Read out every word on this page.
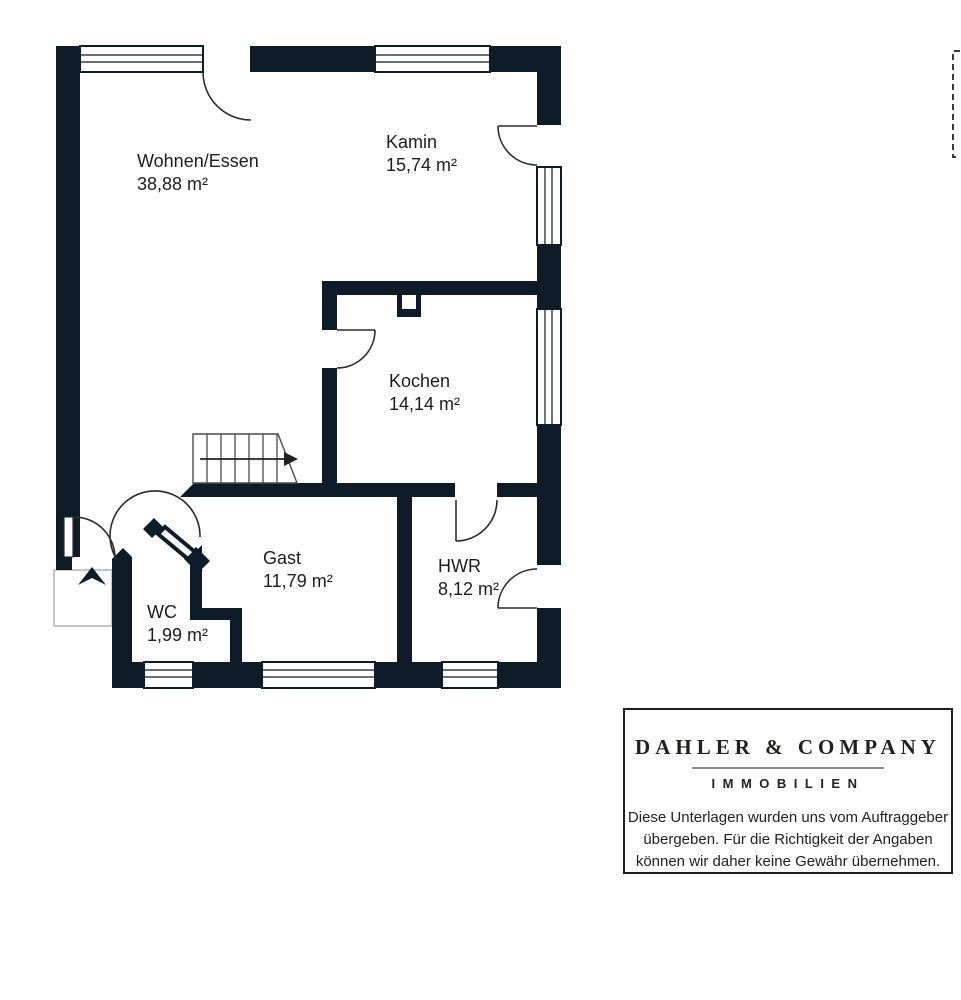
Wohnen/Essen
38,88 m²
Kamin
15,74 m²
Kochen
14,14 m²
Gast
11,79 m²
HWR
8,12 m²
WC
1,99 m²
DAHLER & COMPANY
IMMOBILIEN
Diese Unterlagen wurden uns vom Auftraggeber
übergeben. Für die Richtigkeit der Angaben
können wir daher keine Gewähr übernehmen.
